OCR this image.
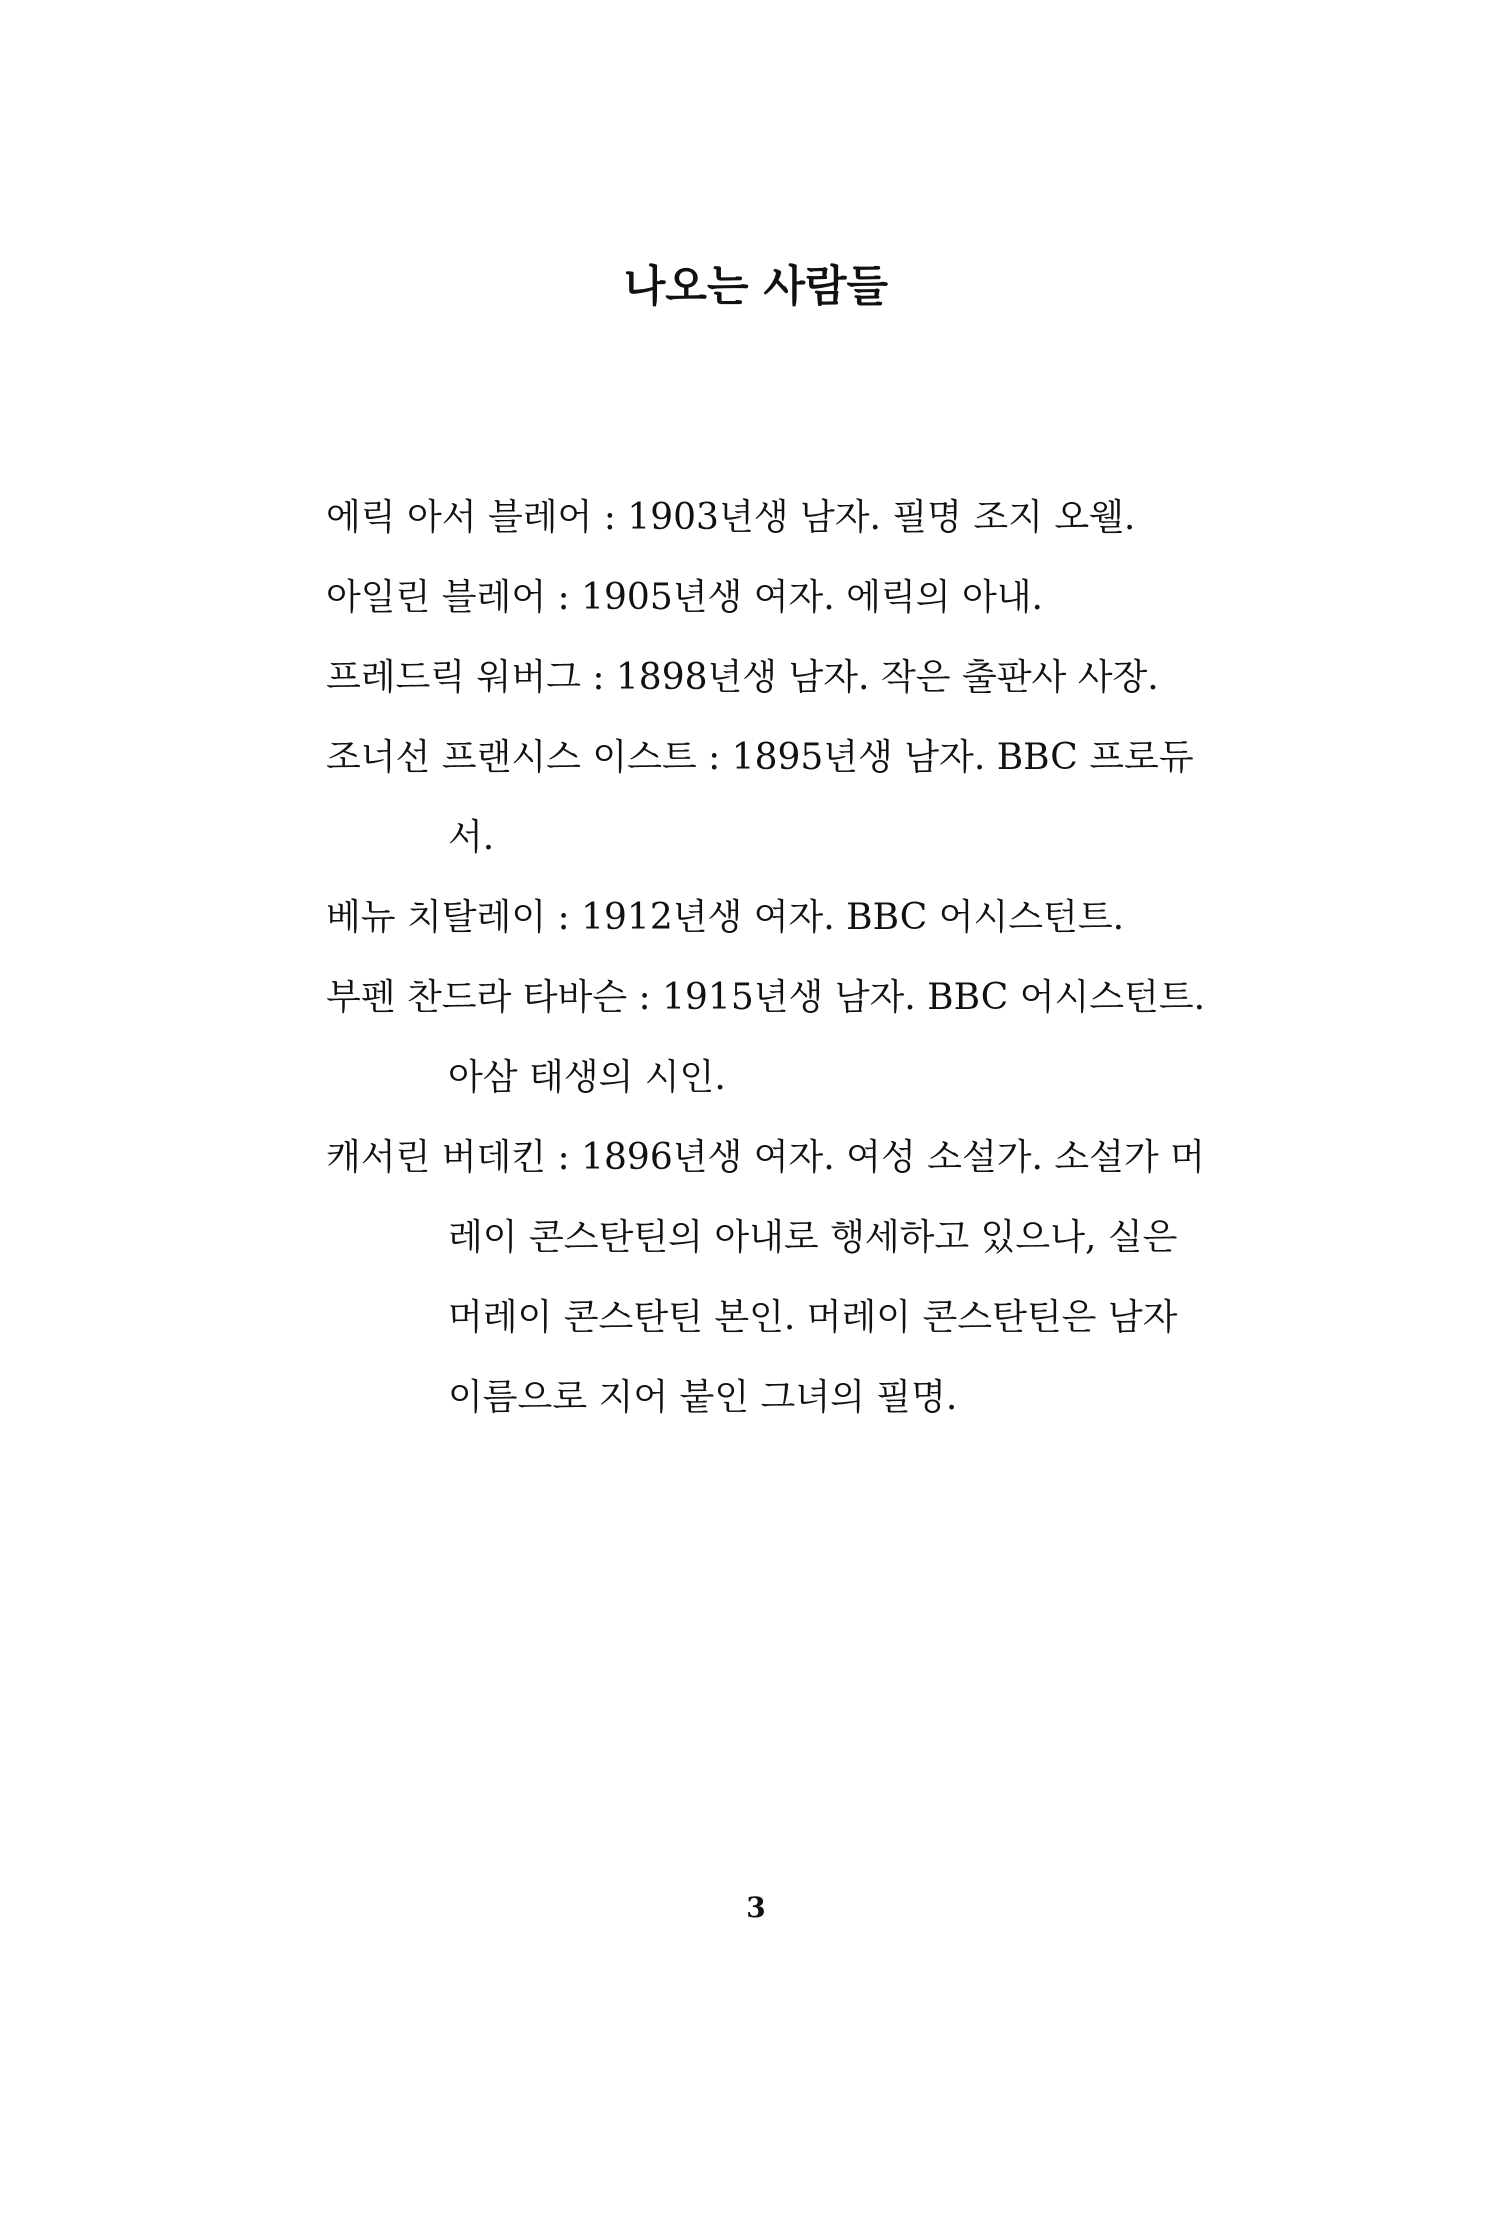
나오는 사람들
에릭 아서 블레어 : 1903년생 남자. 필명 조지 오웰.
아일린 블레어 : 1905년생 여자. 에릭의 아내.
프레드릭 워버그 : 1898년생 남자. 작은 출판사 사장.
조너선 프랜시스 이스트 : 1895년생 남자. BBC 프로듀
서.
베뉴 치탈레이 : 1912년생 여자. BBC 어시스턴트.
부펜 찬드라 타바슨 : 1915년생 남자. BBC 어시스턴트.
아삼 태생의 시인.
캐서린 버데킨 : 1896년생 여자. 여성 소설가. 소설가 머
레이 콘스탄틴의 아내로 행세하고 있으나, 실은
머레이 콘스탄틴 본인. 머레이 콘스탄틴은 남자
이름으로 지어 붙인 그녀의 필명.
3
